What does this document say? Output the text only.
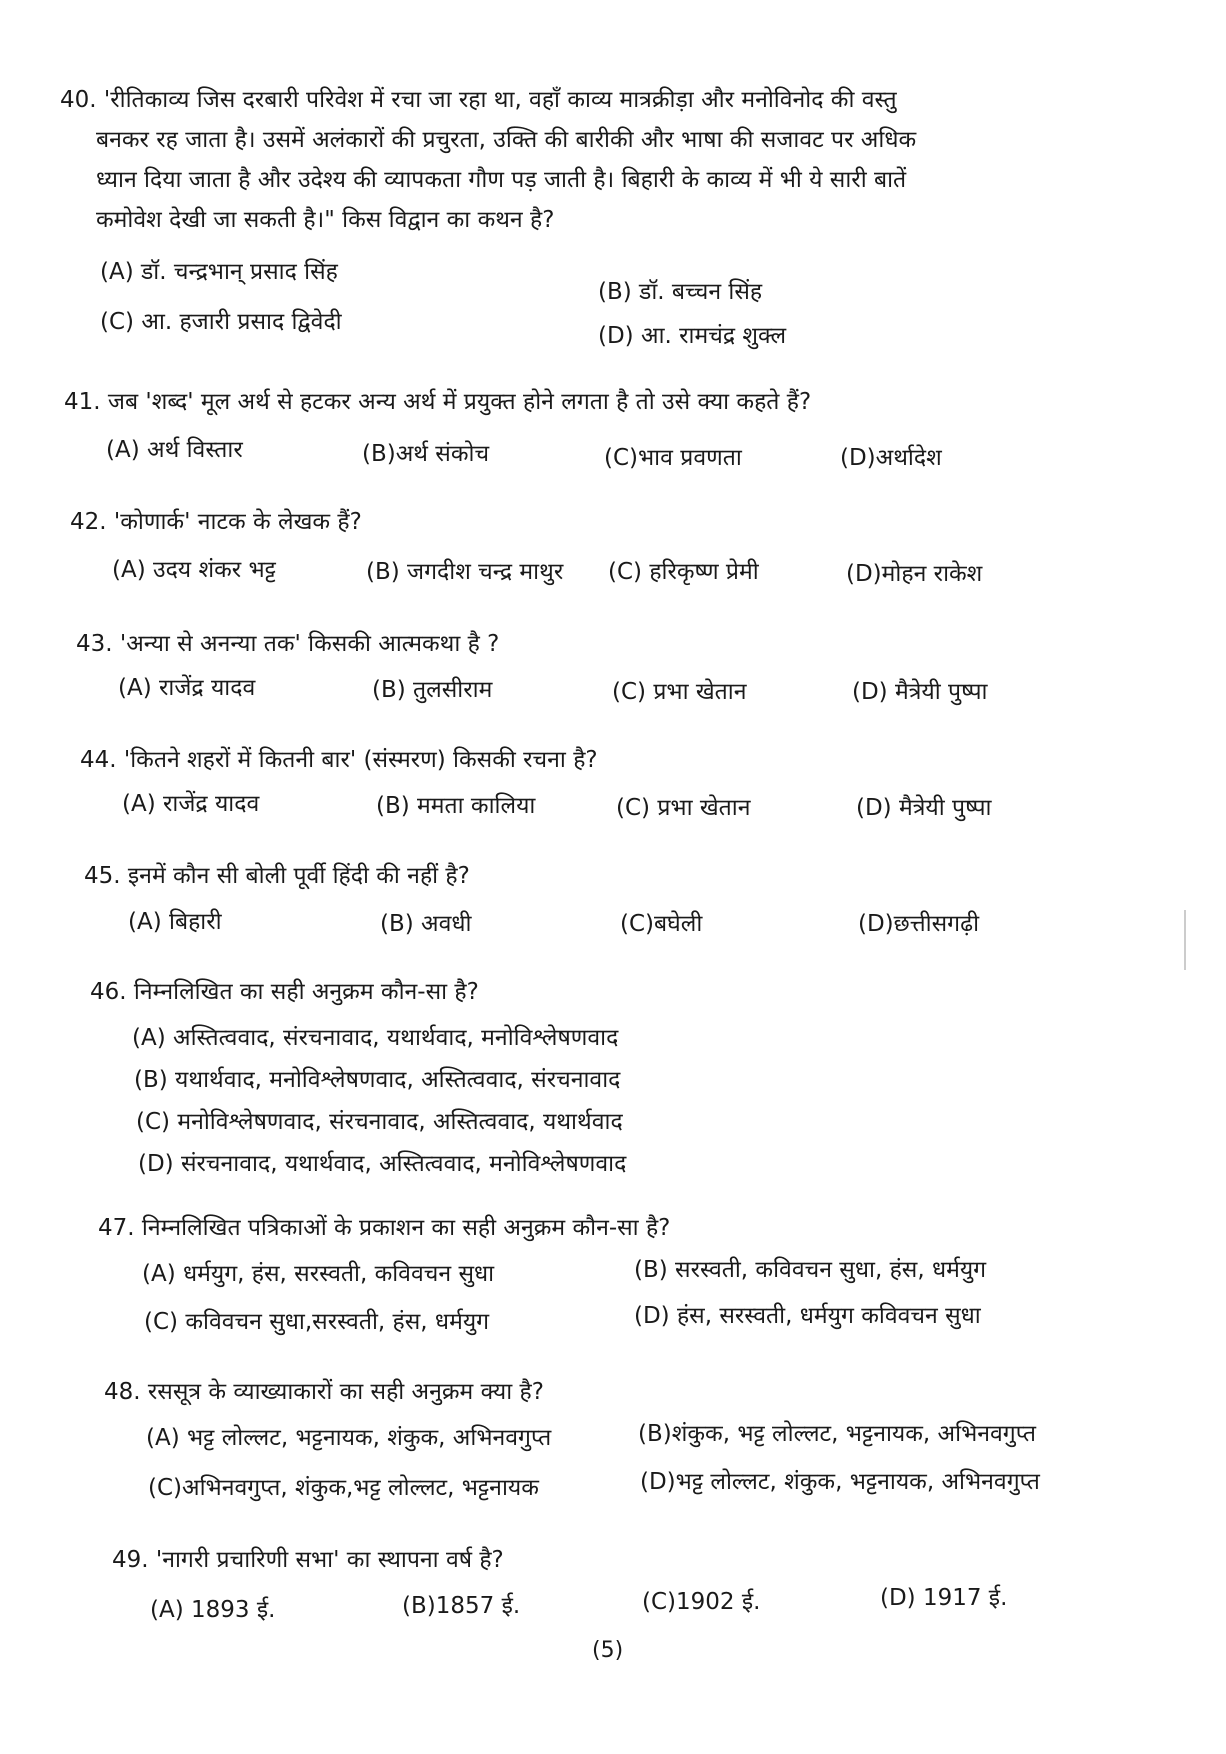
40. 'रीतिकाव्य जिस दरबारी परिवेश में रचा जा रहा था, वहाँ काव्य मात्रक्रीड़ा और मनोविनोद की वस्तु
बनकर रह जाता है। उसमें अलंकारों की प्रचुरता, उक्ति की बारीकी और भाषा की सजावट पर अधिक
ध्यान दिया जाता है और उदेश्य की व्यापकता गौण पड़ जाती है। बिहारी के काव्य में भी ये सारी बातें
कमोवेश देखी जा सकती है।" किस विद्वान का कथन है?
(A) डॉ. चन्द्रभान् प्रसाद सिंह
(B) डॉ. बच्चन सिंह
(C) आ. हजारी प्रसाद द्विवेदी
(D) आ. रामचंद्र शुक्ल
41. जब 'शब्द' मूल अर्थ से हटकर अन्य अर्थ में प्रयुक्त होने लगता है तो उसे क्या कहते हैं?
(A) अर्थ विस्तार	(B)अर्थ संकोच	(C)भाव प्रवणता	(D)अर्थादेश
42. 'कोणार्क' नाटक के लेखक हैं?
(A) उदय शंकर भट्ट	(B) जगदीश चन्द्र माथुर (C) हरिकृष्ण प्रेमी	(D)मोहन राकेश
43. 'अन्या से अनन्या तक' किसकी आत्मकथा है ?
(A) राजेंद्र यादव	(B) तुलसीराम	(C) प्रभा खेतान	(D) मैत्रेयी पुष्पा
44. 'कितने शहरों में कितनी बार' (संस्मरण) किसकी रचना है?
(A) राजेंद्र यादव	(B) ममता कालिया	(C) प्रभा खेतान	(D) मैत्रेयी पुष्पा
45. इनमें कौन सी बोली पूर्वी हिंदी की नहीं है?
(A) बिहारी	(B) अवधी	(C)बघेली	(D)छत्तीसगढ़ी
46. निम्नलिखित का सही अनुक्रम कौन-सा है?
(A) अस्तित्ववाद, संरचनावाद, यथार्थवाद, मनोविश्लेषणवाद
(B) यथार्थवाद, मनोविश्लेषणवाद, अस्तित्ववाद, संरचनावाद
(C) मनोविश्लेषणवाद, संरचनावाद, अस्तित्ववाद, यथार्थवाद
(D) संरचनावाद, यथार्थवाद, अस्तित्ववाद, मनोविश्लेषणवाद
47. निम्नलिखित पत्रिकाओं के प्रकाशन का सही अनुक्रम कौन-सा है?
(A) धर्मयुग, हंस, सरस्वती, कविवचन सुधा	(B) सरस्वती, कविवचन सुधा, हंस, धर्मयुग
(C) कविवचन सुधा,सरस्वती, हंस, धर्मयुग	(D) हंस, सरस्वती, धर्मयुग कविवचन सुधा
48. रससूत्र के व्याख्याकारों का सही अनुक्रम क्या है?
(A) भट्ट लोल्लट, भट्टनायक, शंकुक, अभिनवगुप्त	(B)शंकुक, भट्ट लोल्लट, भट्टनायक, अभिनवगुप्त
(C)अभिनवगुप्त, शंकुक,भट्ट लोल्लट, भट्टनायक	(D)भट्ट लोल्लट, शंकुक, भट्टनायक, अभिनवगुप्त
49. 'नागरी प्रचारिणी सभा' का स्थापना वर्ष है?
(A) 1893 ई.	(B)1857 ई.	(C)1902 ई.	(D) 1917 ई.
(5)
